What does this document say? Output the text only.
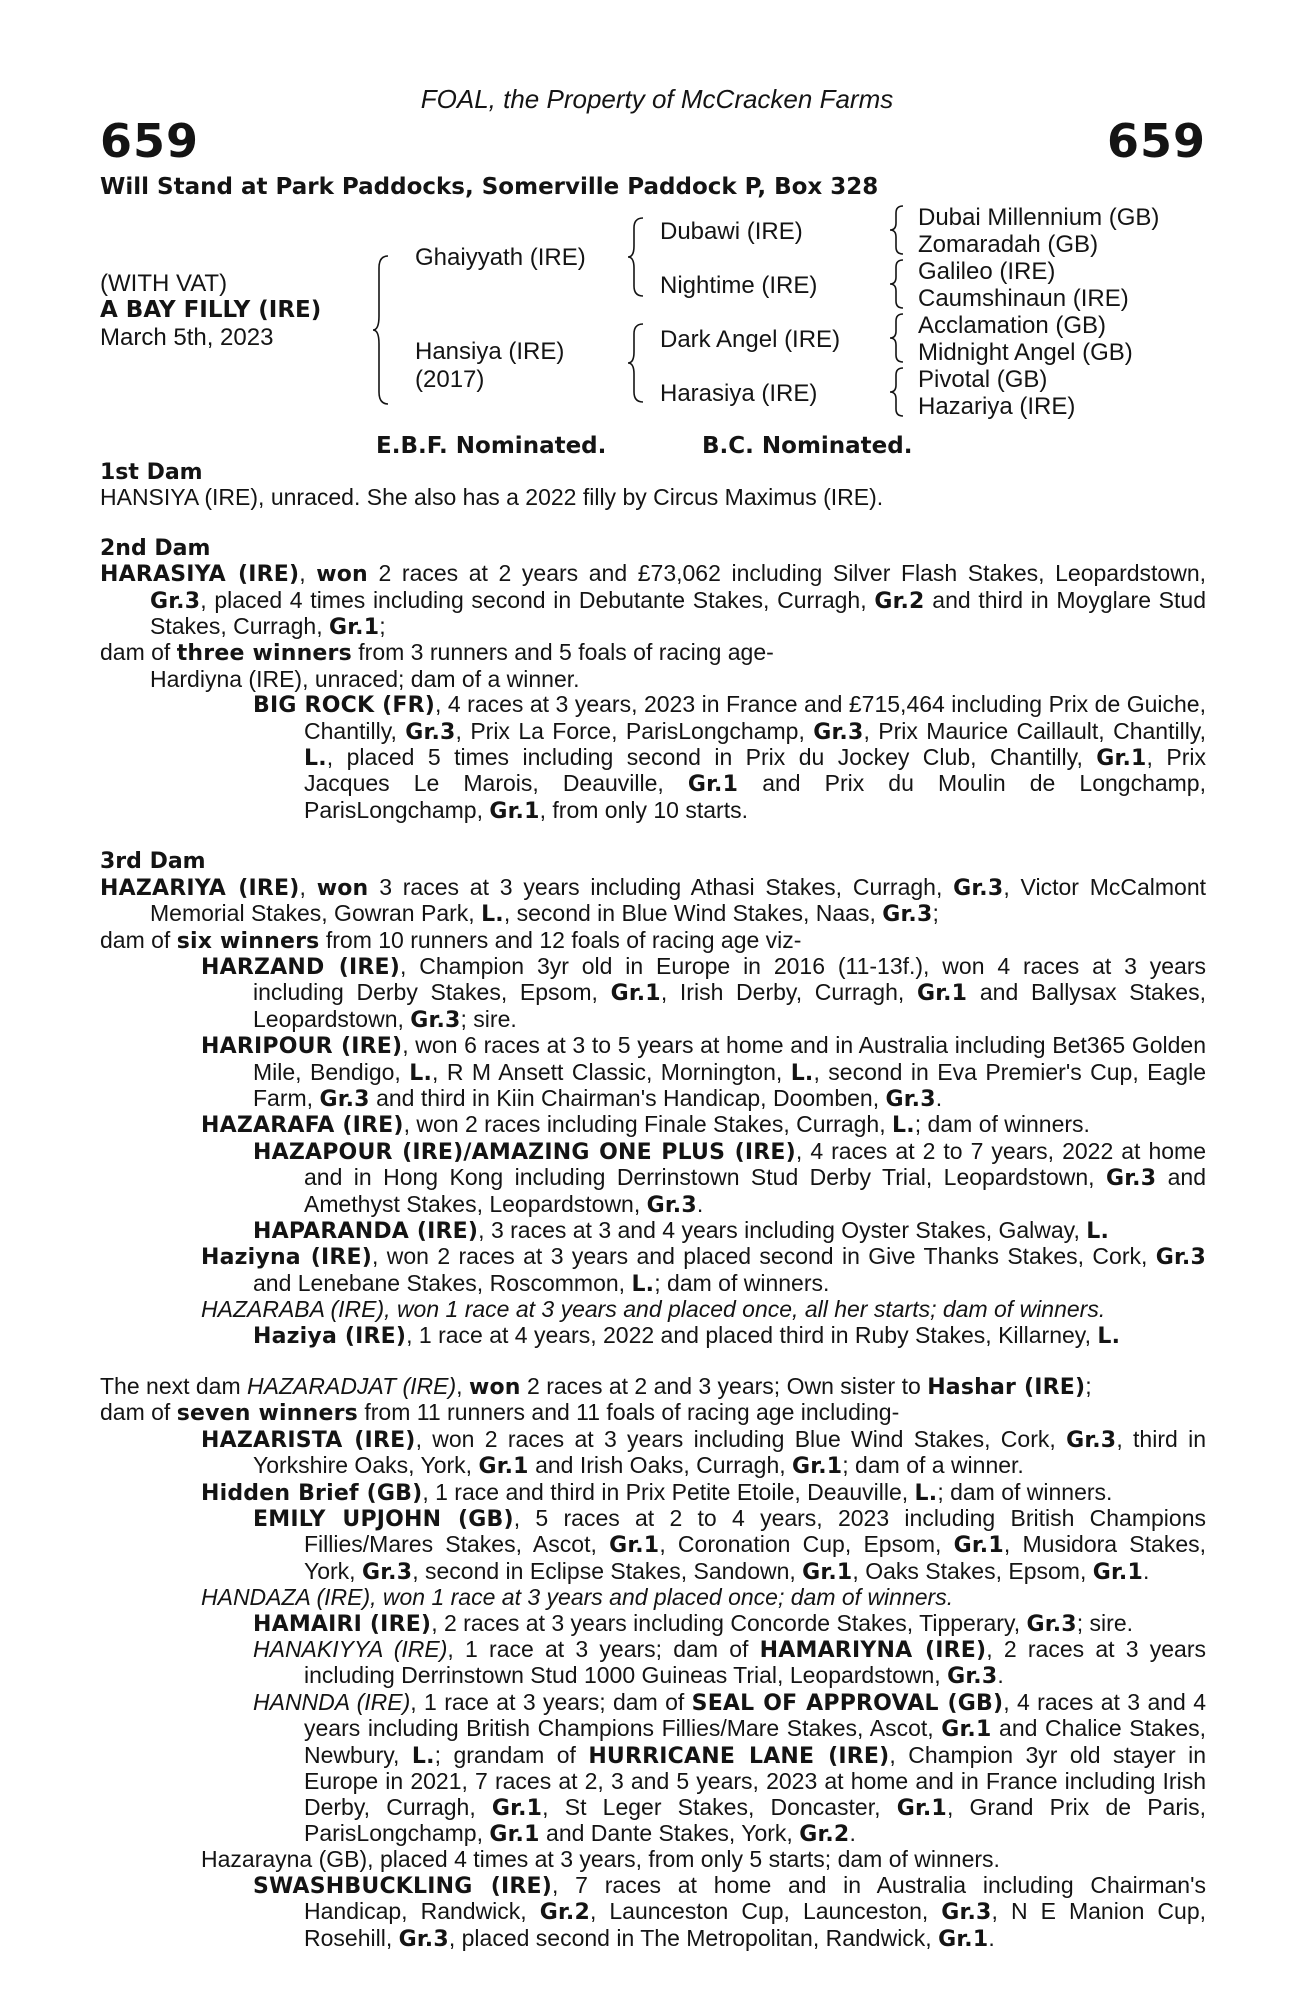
FOAL, the Property of McCracken Farms
659	659
Will Stand at Park Paddocks, Somerville Paddock P, Box 328
(WITH VAT)
A BAY FILLY (IRE)
March 5th, 2023
Ghaiyyath (IRE)
Hansiya (IRE)
(2017)
Dubawi (IRE)
Nightime (IRE)
Dark Angel (IRE)
Harasiya (IRE)
Dubai Millennium (GB)
Zomaradah (GB)
Galileo (IRE)
Caumshinaun (IRE)
Acclamation (GB)
Midnight Angel (GB)
Pivotal (GB)
Hazariya (IRE)
E.B.F. Nominated.	B.C. Nominated.
1st Dam
HANSIYA (IRE), unraced. She also has a 2022 filly by Circus Maximus (IRE).
2nd Dam
HARASIYA (IRE), won 2 races at 2 years and £73,062 including Silver Flash Stakes, Leopardstown, Gr.3, placed 4 times including second in Debutante Stakes, Curragh, Gr.2 and third in Moyglare Stud Stakes, Curragh, Gr.1;
dam of three winners from 3 runners and 5 foals of racing age-
Hardiyna (IRE), unraced; dam of a winner.
BIG ROCK (FR), 4 races at 3 years, 2023 in France and £715,464 including Prix de Guiche, Chantilly, Gr.3, Prix La Force, ParisLongchamp, Gr.3, Prix Maurice Caillault, Chantilly, L., placed 5 times including second in Prix du Jockey Club, Chantilly, Gr.1, Prix Jacques Le Marois, Deauville, Gr.1 and Prix du Moulin de Longchamp, ParisLongchamp, Gr.1, from only 10 starts.
3rd Dam
HAZARIYA (IRE), won 3 races at 3 years including Athasi Stakes, Curragh, Gr.3, Victor McCalmont Memorial Stakes, Gowran Park, L., second in Blue Wind Stakes, Naas, Gr.3;
dam of six winners from 10 runners and 12 foals of racing age viz-
HARZAND (IRE), Champion 3yr old in Europe in 2016 (11-13f.), won 4 races at 3 years including Derby Stakes, Epsom, Gr.1, Irish Derby, Curragh, Gr.1 and Ballysax Stakes, Leopardstown, Gr.3; sire.
HARIPOUR (IRE), won 6 races at 3 to 5 years at home and in Australia including Bet365 Golden Mile, Bendigo, L., R M Ansett Classic, Mornington, L., second in Eva Premier's Cup, Eagle Farm, Gr.3 and third in Kiin Chairman's Handicap, Doomben, Gr.3.
HAZARAFA (IRE), won 2 races including Finale Stakes, Curragh, L.; dam of winners.
HAZAPOUR (IRE)/AMAZING ONE PLUS (IRE), 4 races at 2 to 7 years, 2022 at home and in Hong Kong including Derrinstown Stud Derby Trial, Leopardstown, Gr.3 and Amethyst Stakes, Leopardstown, Gr.3.
HAPARANDA (IRE), 3 races at 3 and 4 years including Oyster Stakes, Galway, L.
Haziyna (IRE), won 2 races at 3 years and placed second in Give Thanks Stakes, Cork, Gr.3 and Lenebane Stakes, Roscommon, L.; dam of winners.
HAZARABA (IRE), won 1 race at 3 years and placed once, all her starts; dam of winners.
Haziya (IRE), 1 race at 4 years, 2022 and placed third in Ruby Stakes, Killarney, L.
The next dam HAZARADJAT (IRE), won 2 races at 2 and 3 years; Own sister to Hashar (IRE);
dam of seven winners from 11 runners and 11 foals of racing age including-
HAZARISTA (IRE), won 2 races at 3 years including Blue Wind Stakes, Cork, Gr.3, third in Yorkshire Oaks, York, Gr.1 and Irish Oaks, Curragh, Gr.1; dam of a winner.
Hidden Brief (GB), 1 race and third in Prix Petite Etoile, Deauville, L.; dam of winners.
EMILY UPJOHN (GB), 5 races at 2 to 4 years, 2023 including British Champions Fillies/Mares Stakes, Ascot, Gr.1, Coronation Cup, Epsom, Gr.1, Musidora Stakes, York, Gr.3, second in Eclipse Stakes, Sandown, Gr.1, Oaks Stakes, Epsom, Gr.1.
HANDAZA (IRE), won 1 race at 3 years and placed once; dam of winners.
HAMAIRI (IRE), 2 races at 3 years including Concorde Stakes, Tipperary, Gr.3; sire.
HANAKIYYA (IRE), 1 race at 3 years; dam of HAMARIYNA (IRE), 2 races at 3 years including Derrinstown Stud 1000 Guineas Trial, Leopardstown, Gr.3.
HANNDA (IRE), 1 race at 3 years; dam of SEAL OF APPROVAL (GB), 4 races at 3 and 4 years including British Champions Fillies/Mare Stakes, Ascot, Gr.1 and Chalice Stakes, Newbury, L.; grandam of HURRICANE LANE (IRE), Champion 3yr old stayer in Europe in 2021, 7 races at 2, 3 and 5 years, 2023 at home and in France including Irish Derby, Curragh, Gr.1, St Leger Stakes, Doncaster, Gr.1, Grand Prix de Paris, ParisLongchamp, Gr.1 and Dante Stakes, York, Gr.2.
Hazarayna (GB), placed 4 times at 3 years, from only 5 starts; dam of winners.
SWASHBUCKLING (IRE), 7 races at home and in Australia including Chairman's Handicap, Randwick, Gr.2, Launceston Cup, Launceston, Gr.3, N E Manion Cup, Rosehill, Gr.3, placed second in The Metropolitan, Randwick, Gr.1.
